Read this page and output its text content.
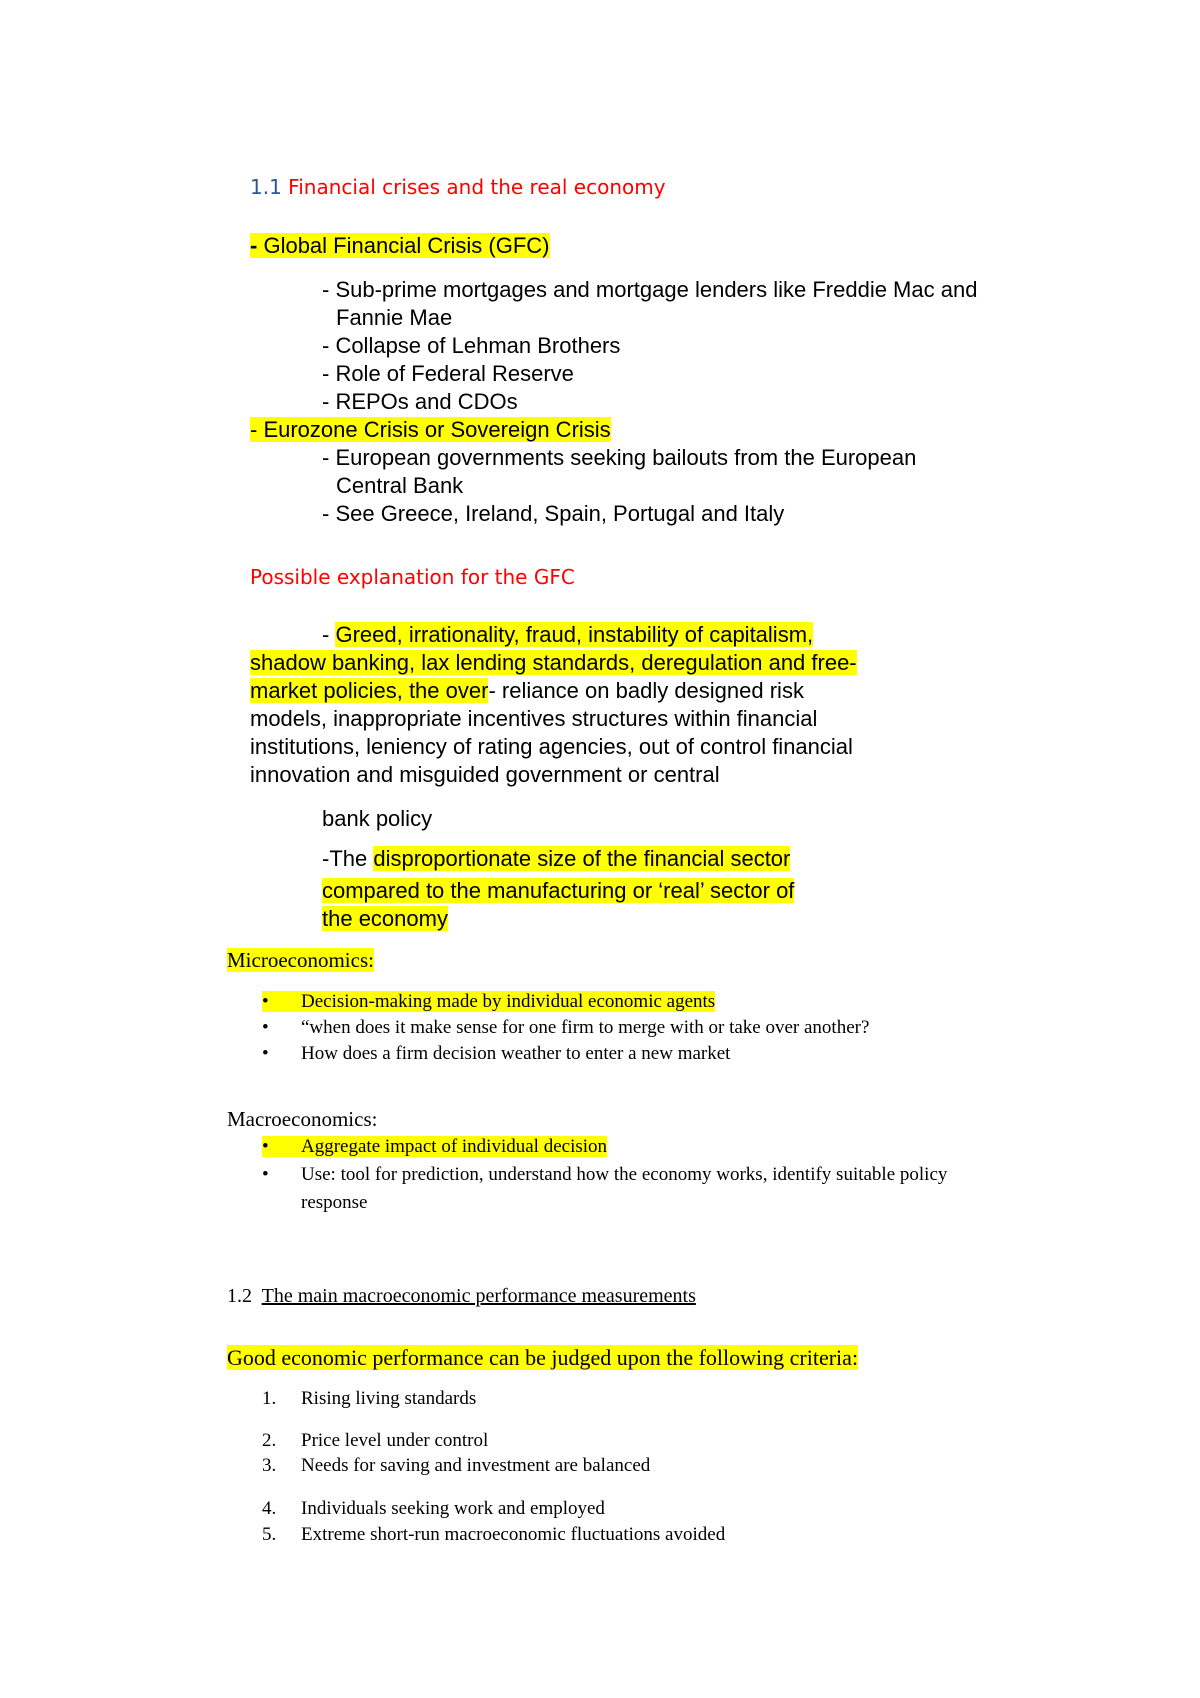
1.1 Financial crises and the real economy
- Global Financial Crisis (GFC)
- Sub-prime mortgages and mortgage lenders like Freddie Mac and
Fannie Mae
- Collapse of Lehman Brothers
- Role of Federal Reserve
- REPOs and CDOs
- Eurozone Crisis or Sovereign Crisis
- European governments seeking bailouts from the European
Central Bank
- See Greece, Ireland, Spain, Portugal and Italy
Possible explanation for the GFC
- Greed, irrationality, fraud, instability of capitalism,
shadow banking, lax lending standards, deregulation and free-
market policies, the over- reliance on badly designed risk
models, inappropriate incentives structures within financial
institutions, leniency of rating agencies, out of control financial
innovation and misguided government or central
bank policy
-The disproportionate size of the financial sector
compared to the manufacturing or ‘real’ sector of
the economy
Microeconomics:
• Decision-making made by individual economic agents
• “when does it make sense for one firm to merge with or take over another?
• How does a firm decision weather to enter a new market
Macroeconomics:
• Aggregate impact of individual decision
• Use: tool for prediction, understand how the economy works, identify suitable policy
response
1.2 The main macroeconomic performance measurements
Good economic performance can be judged upon the following criteria:
1. Rising living standards
2. Price level under control
3. Needs for saving and investment are balanced
4. Individuals seeking work and employed
5. Extreme short-run macroeconomic fluctuations avoided
